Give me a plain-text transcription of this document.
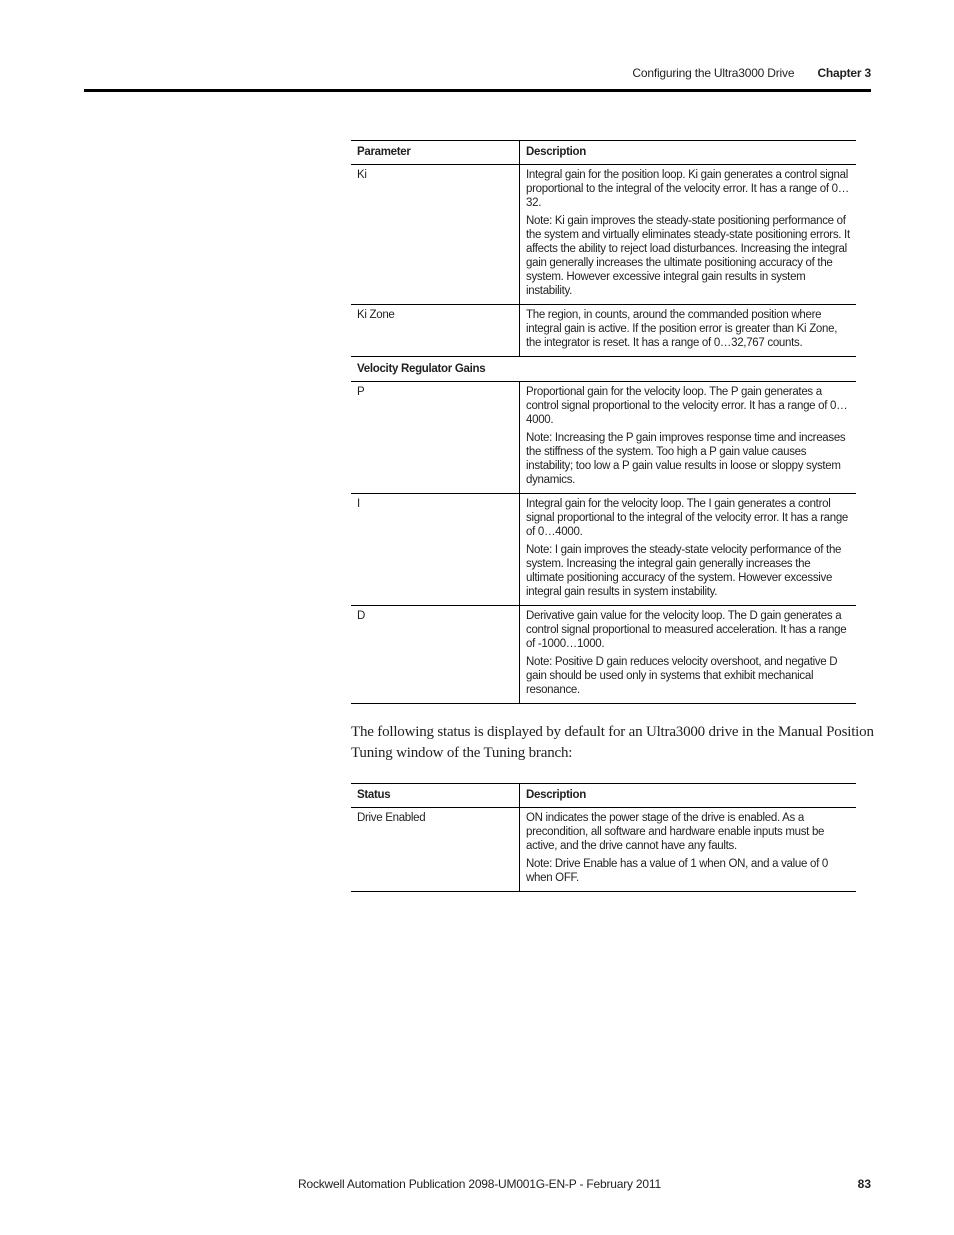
Configuring the Ultra3000 Drive Chapter 3
Parameter	Description
Ki	Integral gain for the position loop. Ki gain generates a control signal proportional to the integral of the velocity error. It has a range of 0…32.

Note: Ki gain improves the steady-state positioning performance of the system and virtually eliminates steady-state positioning errors. It affects the ability to reject load disturbances. Increasing the integral gain generally increases the ultimate positioning accuracy of the system. However excessive integral gain results in system instability.

Ki Zone	The region, in counts, around the commanded position where integral gain is active. If the position error is greater than Ki Zone, the integrator is reset. It has a range of 0…32,767 counts.

Velocity Regulator Gains	
P	Proportional gain for the velocity loop. The P gain generates a control signal proportional to the velocity error. It has a range of 0…4000.

Note: Increasing the P gain improves response time and increases the stiffness of the system. Too high a P gain value causes instability; too low a P gain value results in loose or sloppy system dynamics.

I	Integral gain for the velocity loop. The I gain generates a control signal proportional to the integral of the velocity error. It has a range of 0…4000.

Note: I gain improves the steady-state velocity performance of the system. Increasing the integral gain generally increases the ultimate positioning accuracy of the system. However excessive integral gain results in system instability.

D	Derivative gain value for the velocity loop. The D gain generates a control signal proportional to measured acceleration. It has a range of -1000…1000.

Note: Positive D gain reduces velocity overshoot, and negative D gain should be used only in systems that exhibit mechanical resonance.

The following status is displayed by default for an Ultra3000 drive in the Manual Position Tuning window of the Tuning branch:
Status	Description
Drive Enabled	ON indicates the power stage of the drive is enabled. As a precondition, all software and hardware enable inputs must be active, and the drive cannot have any faults.

Note: Drive Enable has a value of 1 when ON, and a value of 0 when OFF.

Rockwell Automation Publication 2098-UM001G-EN-P - February 2011	83
